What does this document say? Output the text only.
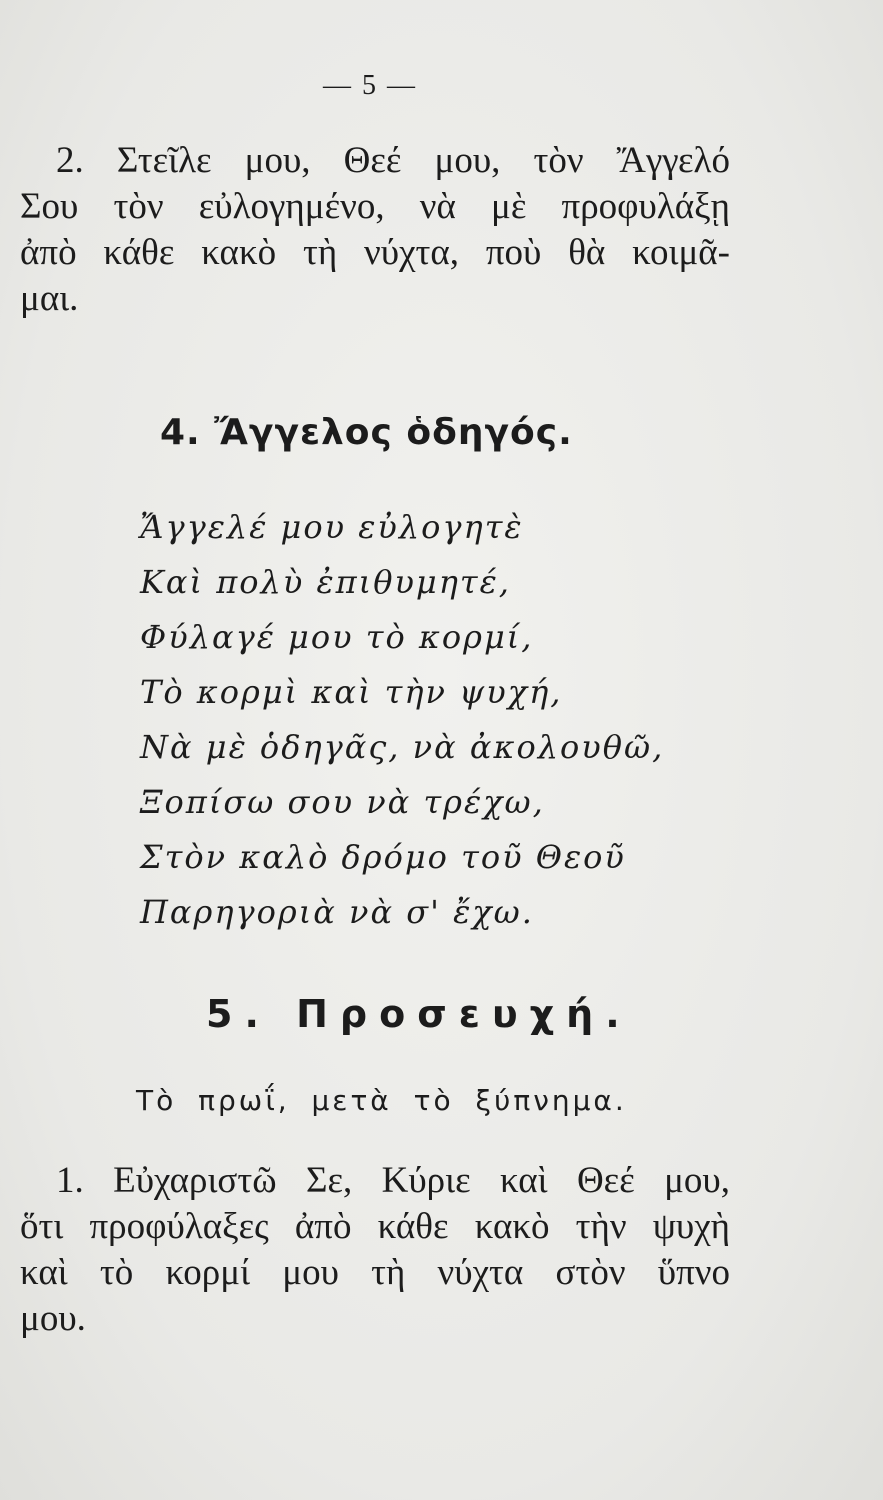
— 5 —

2. Στεῖλε μου, Θεέ μου, τὸν Ἄγγελό
Σου τὸν εὐλογημένο, νὰ μὲ προφυλάξῃ
ἀπὸ κάθε κακὸ τὴ νύχτα, ποὺ θὰ κοιμᾶ-
μαι.

4. Ἄγγελος ὁδηγός.
Ἄγγελέ μου εὐλογητὲ
Καὶ πολὺ ἐπιθυμητέ,
Φύλαγέ μου τὸ κορμί,
Τὸ κορμὶ καὶ τὴν ψυχή,
Νὰ μὲ ὁδηγᾶς, νὰ ἀκολουθῶ,
Ξοπίσω σου νὰ τρέχω,
Στὸν καλὸ δρόμο τοῦ Θεοῦ
Παρηγοριὰ νὰ σ' ἔχω.
5. Προσευχή.
Τὸ πρωΐ, μετὰ τὸ ξύπνημα.

1. Εὐχαριστῶ Σε, Κύριε καὶ Θεέ μου,
ὅτι προφύλαξες ἀπὸ κάθε κακὸ τὴν ψυχὴ
καὶ τὸ κορμί μου τὴ νύχτα στὸν ὕπνο
μου.
